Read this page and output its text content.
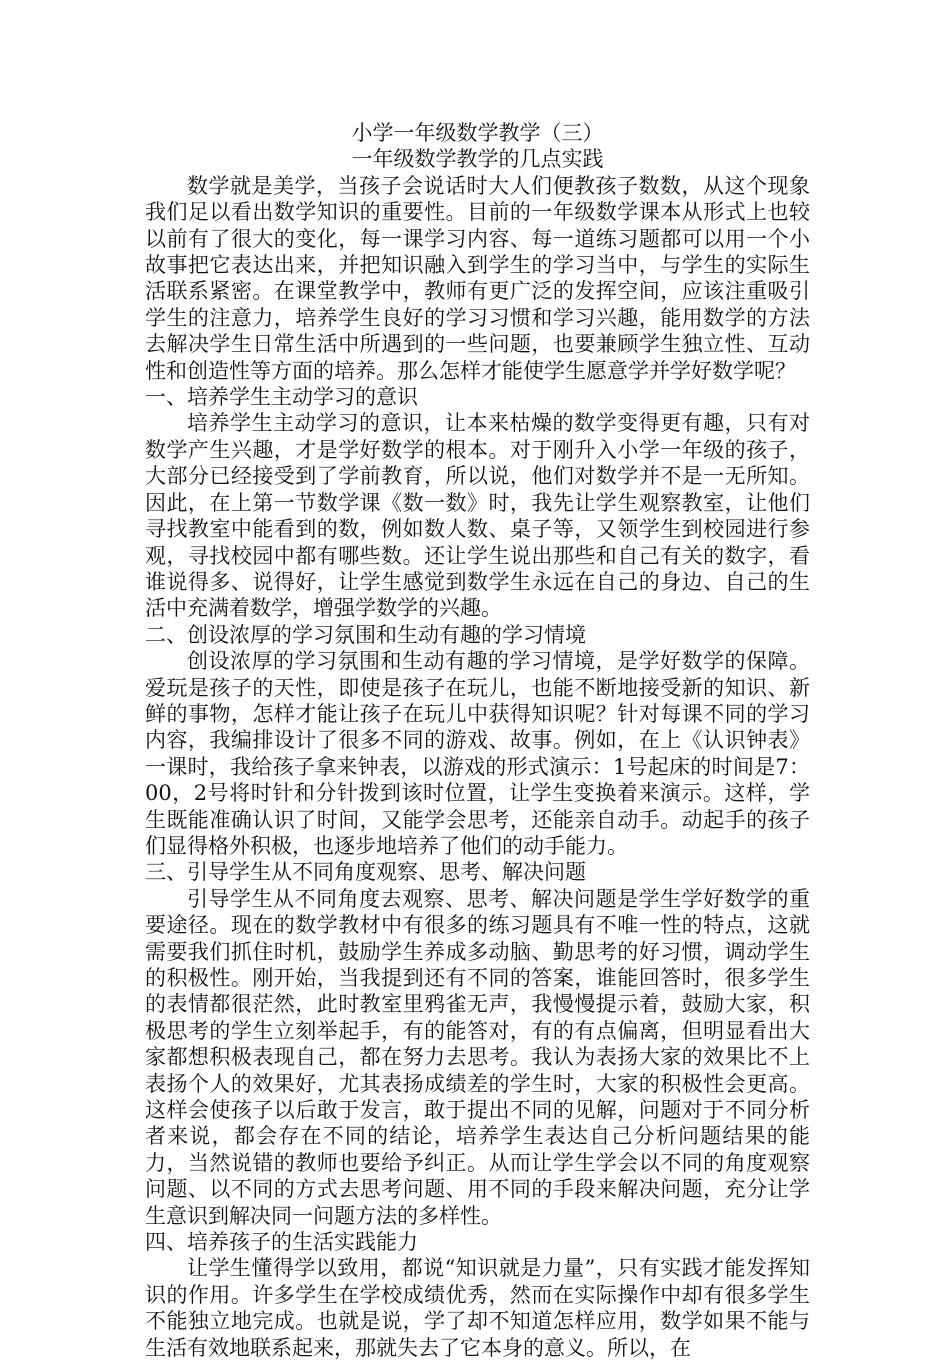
小学一年级数学教学（三）
一年级数学教学的几点实践

数学就是美学，当孩子会说话时大人们便教孩子数数，从这个现象我们足以看出数学知识的重要性。目前的一年级数学课本从形式上也较以前有了很大的变化，每一课学习内容、每一道练习题都可以用一个小故事把它表达出来，并把知识融入到学生的学习当中，与学生的实际生活联系紧密。在课堂教学中，教师有更广泛的发挥空间，应该注重吸引学生的注意力，培养学生良好的学习习惯和学习兴趣，能用数学的方法去解决学生日常生活中所遇到的一些问题，也要兼顾学生独立性、互动性和创造性等方面的培养。那么怎样才能使学生愿意学并学好数学呢？

一、培养学生主动学习的意识

培养学生主动学习的意识，让本来枯燥的数学变得更有趣，只有对数学产生兴趣，才是学好数学的根本。对于刚升入小学一年级的孩子，大部分已经接受到了学前教育，所以说，他们对数学并不是一无所知。因此，在上第一节数学课《数一数》时，我先让学生观察教室，让他们寻找教室中能看到的数，例如数人数、桌子等，又领学生到校园进行参观，寻找校园中都有哪些数。还让学生说出那些和自己有关的数字，看谁说得多、说得好，让学生感觉到数学生永远在自己的身边、自己的生活中充满着数学，增强学数学的兴趣。

二、创设浓厚的学习氛围和生动有趣的学习情境

创设浓厚的学习氛围和生动有趣的学习情境，是学好数学的保障。爱玩是孩子的天性，即使是孩子在玩儿，也能不断地接受新的知识、新鲜的事物，怎样才能让孩子在玩儿中获得知识呢？针对每课不同的学习内容，我编排设计了很多不同的游戏、故事。例如，在上《认识钟表》一课时，我给孩子拿来钟表，以游戏的形式演示：1号起床的时间是7：00，2号将时针和分针拨到该时位置，让学生变换着来演示。这样，学生既能准确认识了时间，又能学会思考，还能亲自动手。动起手的孩子们显得格外积极，也逐步地培养了他们的动手能力。

三、引导学生从不同角度观察、思考、解决问题

引导学生从不同角度去观察、思考、解决问题是学生学好数学的重要途径。现在的数学教材中有很多的练习题具有不唯一性的特点，这就需要我们抓住时机，鼓励学生养成多动脑、勤思考的好习惯，调动学生的积极性。刚开始，当我提到还有不同的答案，谁能回答时，很多学生的表情都很茫然，此时教室里鸦雀无声，我慢慢提示着，鼓励大家，积极思考的学生立刻举起手，有的能答对，有的有点偏离，但明显看出大家都想积极表现自己，都在努力去思考。我认为表扬大家的效果比不上表扬个人的效果好，尤其表扬成绩差的学生时，大家的积极性会更高。这样会使孩子以后敢于发言，敢于提出不同的见解，问题对于不同分析者来说，都会存在不同的结论，培养学生表达自己分析问题结果的能力，当然说错的教师也要给予纠正。从而让学生学会以不同的角度观察问题、以不同的方式去思考问题、用不同的手段来解决问题，充分让学生意识到解决同一问题方法的多样性。

四、培养孩子的生活实践能力

让学生懂得学以致用，都说“知识就是力量”，只有实践才能发挥知识的作用。许多学生在学校成绩优秀，然而在实际操作中却有很多学生不能独立地完成。也就是说，学了却不知道怎样应用，数学如果不能与生活有效地联系起来，那就失去了它本身的意义。所以，在
